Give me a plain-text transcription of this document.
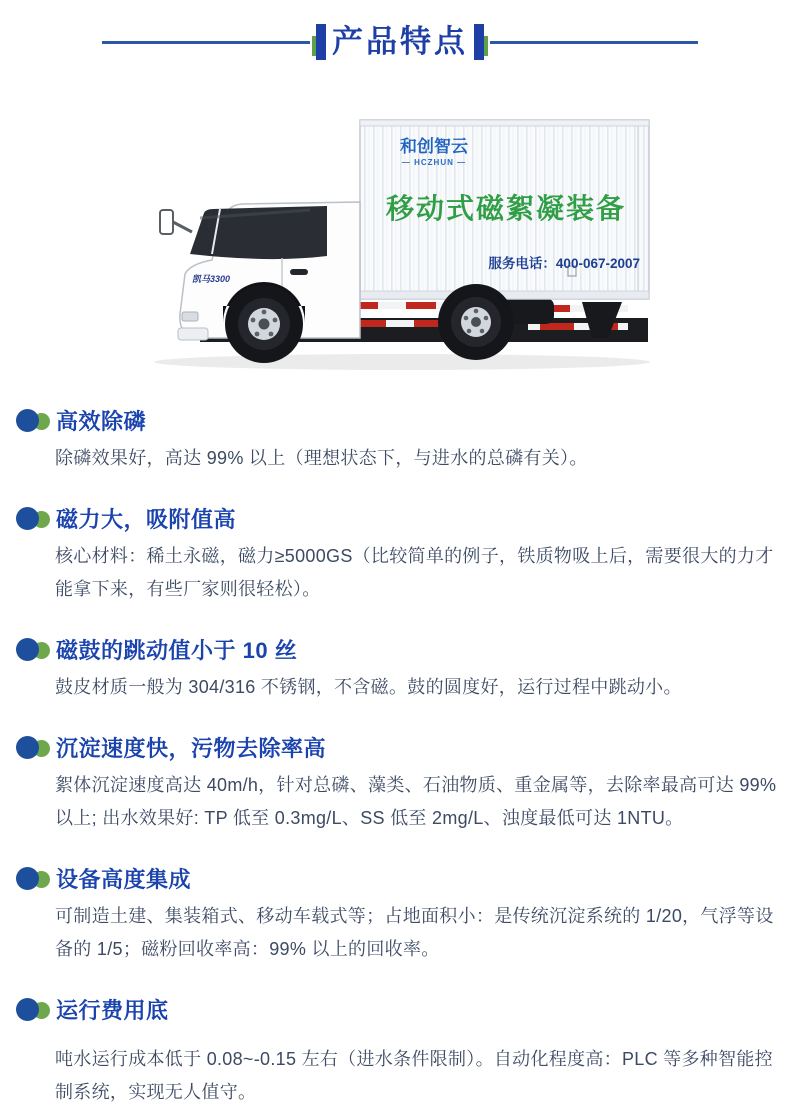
产品特点
和创智云
— HCZHUN —
移动式磁絮凝装备
服务电话：400-067-2007
凯马3300
高效除磷
除磷效果好，高达 99% 以上（理想状态下，与进水的总磷有关）。
磁力大，吸附值高
核心材料：稀土永磁，磁力≥5000GS（比较简单的例子，铁质物吸上后，需要很大的力才能拿下来，有些厂家则很轻松）。
磁鼓的跳动值小于 10 丝
鼓皮材质一般为 304/316 不锈钢，不含磁。鼓的圆度好，运行过程中跳动小。
沉淀速度快，污物去除率高
絮体沉淀速度高达 40m/h，针对总磷、藻类、石油物质、重金属等，去除率最高可达 99% 以上; 出水效果好: TP 低至 0.3mg/L、SS 低至 2mg/L、浊度最低可达 1NTU。
设备高度集成
可制造土建、集装箱式、移动车载式等；占地面积小：是传统沉淀系统的 1/20，气浮等设备的 1/5；磁粉回收率高：99% 以上的回收率。
运行费用底
吨水运行成本低于 0.08~-0.15 左右（进水条件限制）。自动化程度高：PLC 等多种智能控制系统，实现无人值守。
